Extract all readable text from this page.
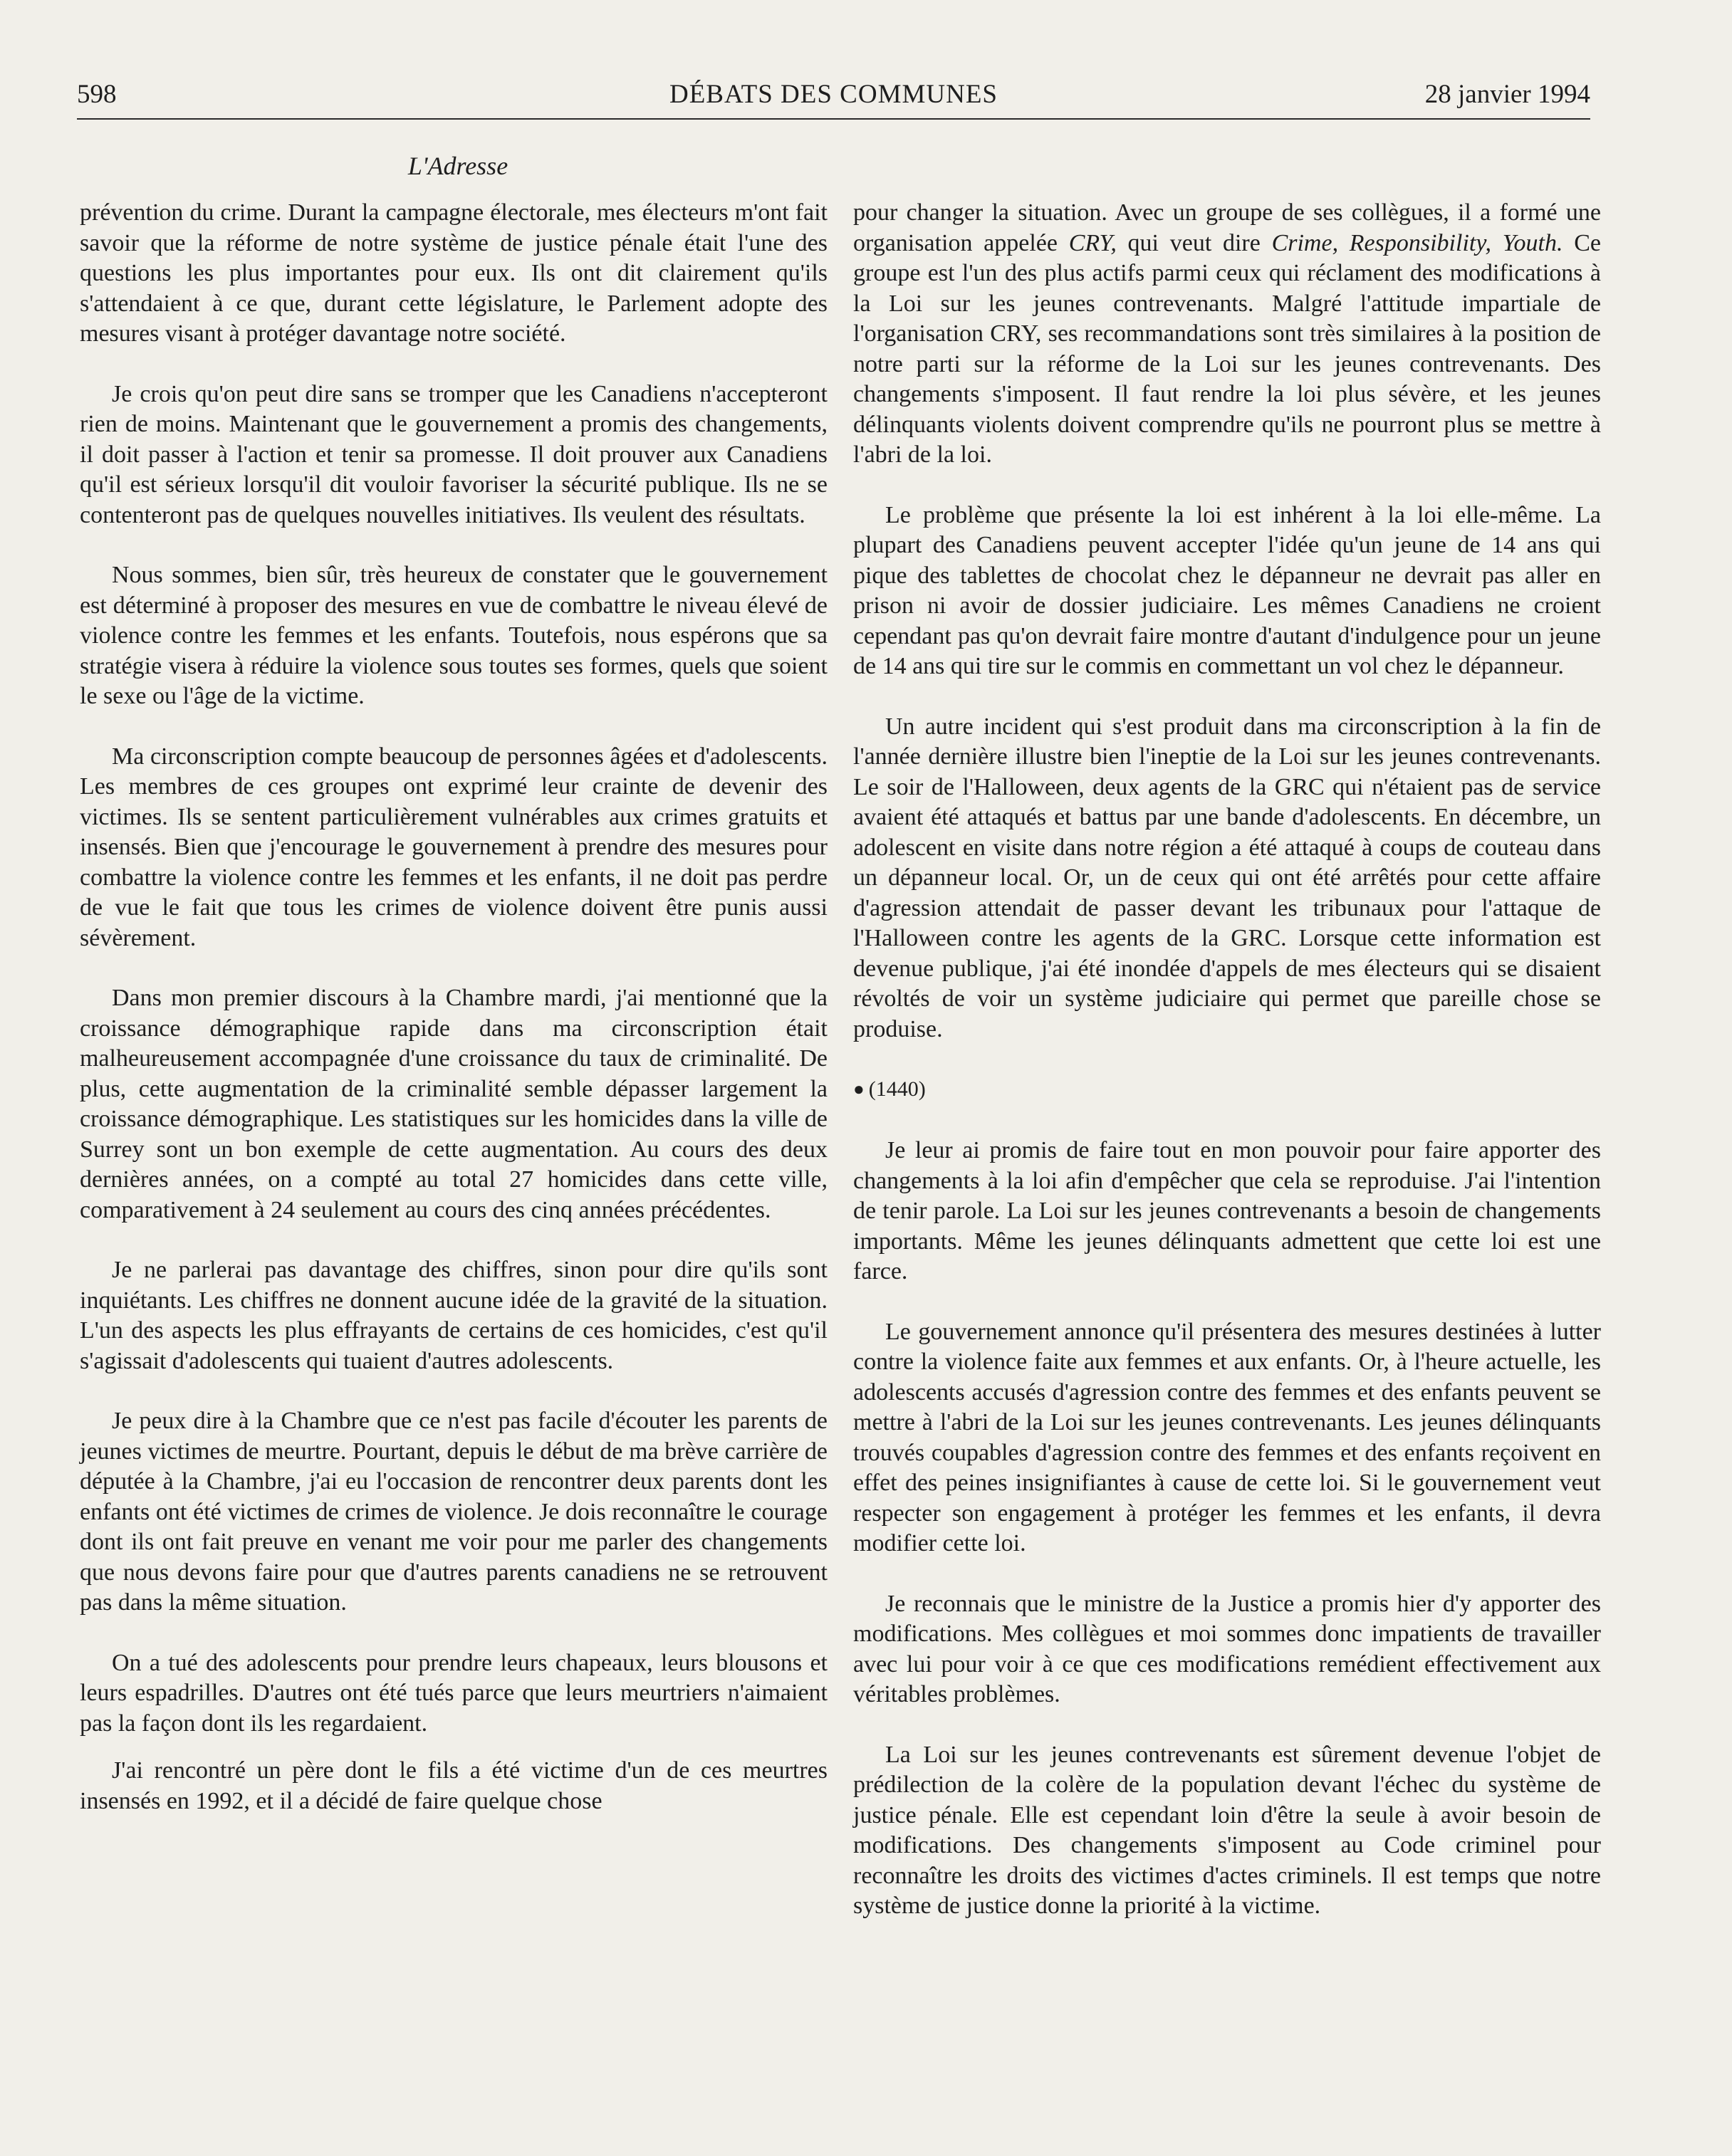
598	DÉBATS DES COMMUNES	28 janvier 1994
L'Adresse

prévention du crime. Durant la campagne électorale, mes électeurs m'ont fait savoir que la réforme de notre système de justice pénale était l'une des questions les plus importantes pour eux. Ils ont dit clairement qu'ils s'attendaient à ce que, durant cette législature, le Parlement adopte des mesures visant à protéger davantage notre société.

Je crois qu'on peut dire sans se tromper que les Canadiens n'accepteront rien de moins. Maintenant que le gouvernement a promis des changements, il doit passer à l'action et tenir sa promesse. Il doit prouver aux Canadiens qu'il est sérieux lorsqu'il dit vouloir favoriser la sécurité publique. Ils ne se contenteront pas de quelques nouvelles initiatives. Ils veulent des résultats.

Nous sommes, bien sûr, très heureux de constater que le gouvernement est déterminé à proposer des mesures en vue de combattre le niveau élevé de violence contre les femmes et les enfants. Toutefois, nous espérons que sa stratégie visera à réduire la violence sous toutes ses formes, quels que soient le sexe ou l'âge de la victime.

Ma circonscription compte beaucoup de personnes âgées et d'adolescents. Les membres de ces groupes ont exprimé leur crainte de devenir des victimes. Ils se sentent particulièrement vulnérables aux crimes gratuits et insensés. Bien que j'encourage le gouvernement à prendre des mesures pour combattre la violence contre les femmes et les enfants, il ne doit pas perdre de vue le fait que tous les crimes de violence doivent être punis aussi sévèrement.

Dans mon premier discours à la Chambre mardi, j'ai mentionné que la croissance démographique rapide dans ma circonscription était malheureusement accompagnée d'une croissance du taux de criminalité. De plus, cette augmentation de la criminalité semble dépasser largement la croissance démographique. Les statistiques sur les homicides dans la ville de Surrey sont un bon exemple de cette augmentation. Au cours des deux dernières années, on a compté au total 27 homicides dans cette ville, comparativement à 24 seulement au cours des cinq années précédentes.

Je ne parlerai pas davantage des chiffres, sinon pour dire qu'ils sont inquiétants. Les chiffres ne donnent aucune idée de la gravité de la situation. L'un des aspects les plus effrayants de certains de ces homicides, c'est qu'il s'agissait d'adolescents qui tuaient d'autres adolescents.

Je peux dire à la Chambre que ce n'est pas facile d'écouter les parents de jeunes victimes de meurtre. Pourtant, depuis le début de ma brève carrière de députée à la Chambre, j'ai eu l'occasion de rencontrer deux parents dont les enfants ont été victimes de crimes de violence. Je dois reconnaître le courage dont ils ont fait preuve en venant me voir pour me parler des changements que nous devons faire pour que d'autres parents canadiens ne se retrouvent pas dans la même situation.

On a tué des adolescents pour prendre leurs chapeaux, leurs blousons et leurs espadrilles. D'autres ont été tués parce que leurs meurtriers n'aimaient pas la façon dont ils les regardaient.

J'ai rencontré un père dont le fils a été victime d'un de ces meurtres insensés en 1992, et il a décidé de faire quelque chose

pour changer la situation. Avec un groupe de ses collègues, il a formé une organisation appelée CRY, qui veut dire Crime, Responsibility, Youth. Ce groupe est l'un des plus actifs parmi ceux qui réclament des modifications à la Loi sur les jeunes contrevenants. Malgré l'attitude impartiale de l'organisation CRY, ses recommandations sont très similaires à la position de notre parti sur la réforme de la Loi sur les jeunes contrevenants. Des changements s'imposent. Il faut rendre la loi plus sévère, et les jeunes délinquants violents doivent comprendre qu'ils ne pourront plus se mettre à l'abri de la loi.

Le problème que présente la loi est inhérent à la loi elle-même. La plupart des Canadiens peuvent accepter l'idée qu'un jeune de 14 ans qui pique des tablettes de chocolat chez le dépanneur ne devrait pas aller en prison ni avoir de dossier judiciaire. Les mêmes Canadiens ne croient cependant pas qu'on devrait faire montre d'autant d'indulgence pour un jeune de 14 ans qui tire sur le commis en commettant un vol chez le dépanneur.

Un autre incident qui s'est produit dans ma circonscription à la fin de l'année dernière illustre bien l'ineptie de la Loi sur les jeunes contrevenants. Le soir de l'Halloween, deux agents de la GRC qui n'étaient pas de service avaient été attaqués et battus par une bande d'adolescents. En décembre, un adolescent en visite dans notre région a été attaqué à coups de couteau dans un dépanneur local. Or, un de ceux qui ont été arrêtés pour cette affaire d'agression attendait de passer devant les tribunaux pour l'attaque de l'Halloween contre les agents de la GRC. Lorsque cette information est devenue publique, j'ai été inondée d'appels de mes électeurs qui se disaient révoltés de voir un système judiciaire qui permet que pareille chose se produise.

● (1440)

Je leur ai promis de faire tout en mon pouvoir pour faire apporter des changements à la loi afin d'empêcher que cela se reproduise. J'ai l'intention de tenir parole. La Loi sur les jeunes contrevenants a besoin de changements importants. Même les jeunes délinquants admettent que cette loi est une farce.

Le gouvernement annonce qu'il présentera des mesures destinées à lutter contre la violence faite aux femmes et aux enfants. Or, à l'heure actuelle, les adolescents accusés d'agression contre des femmes et des enfants peuvent se mettre à l'abri de la Loi sur les jeunes contrevenants. Les jeunes délinquants trouvés coupables d'agression contre des femmes et des enfants reçoivent en effet des peines insignifiantes à cause de cette loi. Si le gouvernement veut respecter son engagement à protéger les femmes et les enfants, il devra modifier cette loi.

Je reconnais que le ministre de la Justice a promis hier d'y apporter des modifications. Mes collègues et moi sommes donc impatients de travailler avec lui pour voir à ce que ces modifications remédient effectivement aux véritables problèmes.

La Loi sur les jeunes contrevenants est sûrement devenue l'objet de prédilection de la colère de la population devant l'échec du système de justice pénale. Elle est cependant loin d'être la seule à avoir besoin de modifications. Des changements s'imposent au Code criminel pour reconnaître les droits des victimes d'actes criminels. Il est temps que notre système de justice donne la priorité à la victime.
